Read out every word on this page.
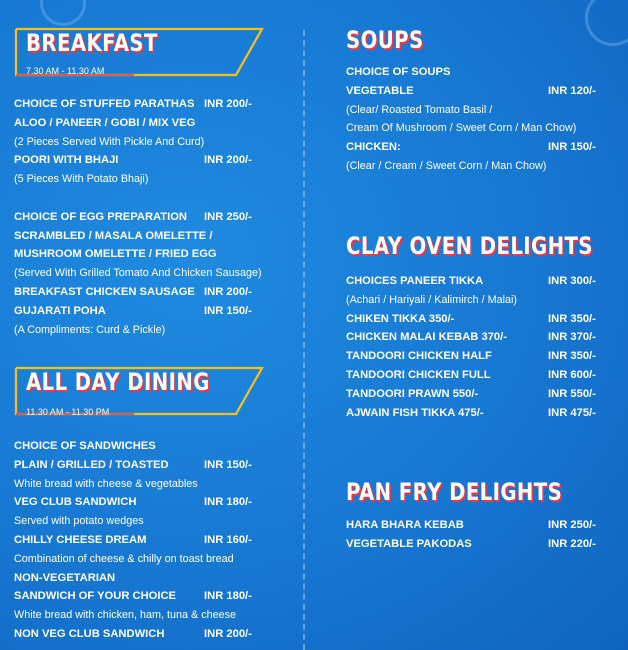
BREAKFAST
7.30 AM - 11.30 AM
CHOICE OF STUFFED PARATHAS INR 200/-
ALOO / PANEER / GOBI / MIX VEG
(2 Pieces Served With Pickle And Curd)
POORI WITH BHAJI	INR 200/-
(5 Pieces With Potato Bhaji)
CHOICE OF EGG PREPARATION INR 250/-
SCRAMBLED / MASALA OMELETTE /
MUSHROOM OMELETTE / FRIED EGG
(Served With Grilled Tomato And Chicken Sausage)
BREAKFAST CHICKEN SAUSAGE INR 200/-
GUJARATI POHA	INR 150/-
(A Compliments: Curd & Pickle)
ALL DAY DINING
11.30 AM - 11.30 PM
CHOICE OF SANDWICHES
PLAIN / GRILLED / TOASTED	INR 150/-
White bread with cheese & vegetables
VEG CLUB SANDWICH	INR 180/-
Served with potato wedges
CHILLY CHEESE DREAM	INR 160/-
Combination of cheese & chilly on toast bread
NON-VEGETARIAN
SANDWICH OF YOUR CHOICE INR 180/-
White bread with chicken, ham, tuna & cheese
NON VEG CLUB SANDWICH	INR 200/-
SOUPS
CHOICE OF SOUPS
VEGETABLE	INR 120/-
(Clear/ Roasted Tomato Basil /
Cream Of Mushroom / Sweet Corn / Man Chow)
CHICKEN:	INR 150/-
(Clear / Cream / Sweet Corn / Man Chow)
CLAY OVEN DELIGHTS
CHOICES PANEER TIKKA	INR 300/-
(Achari / Hariyali / Kalimirch / Malai)
CHIKEN TIKKA 350/-	INR 350/-
CHICKEN MALAI KEBAB 370/-	INR 370/-
TANDOORI CHICKEN HALF	INR 350/-
TANDOORI CHICKEN FULL	INR 600/-
TANDOORI PRAWN 550/-	INR 550/-
AJWAIN FISH TIKKA 475/-	INR 475/-
PAN FRY DELIGHTS
HARA BHARA KEBAB	INR 250/-
VEGETABLE PAKODAS	INR 220/-
